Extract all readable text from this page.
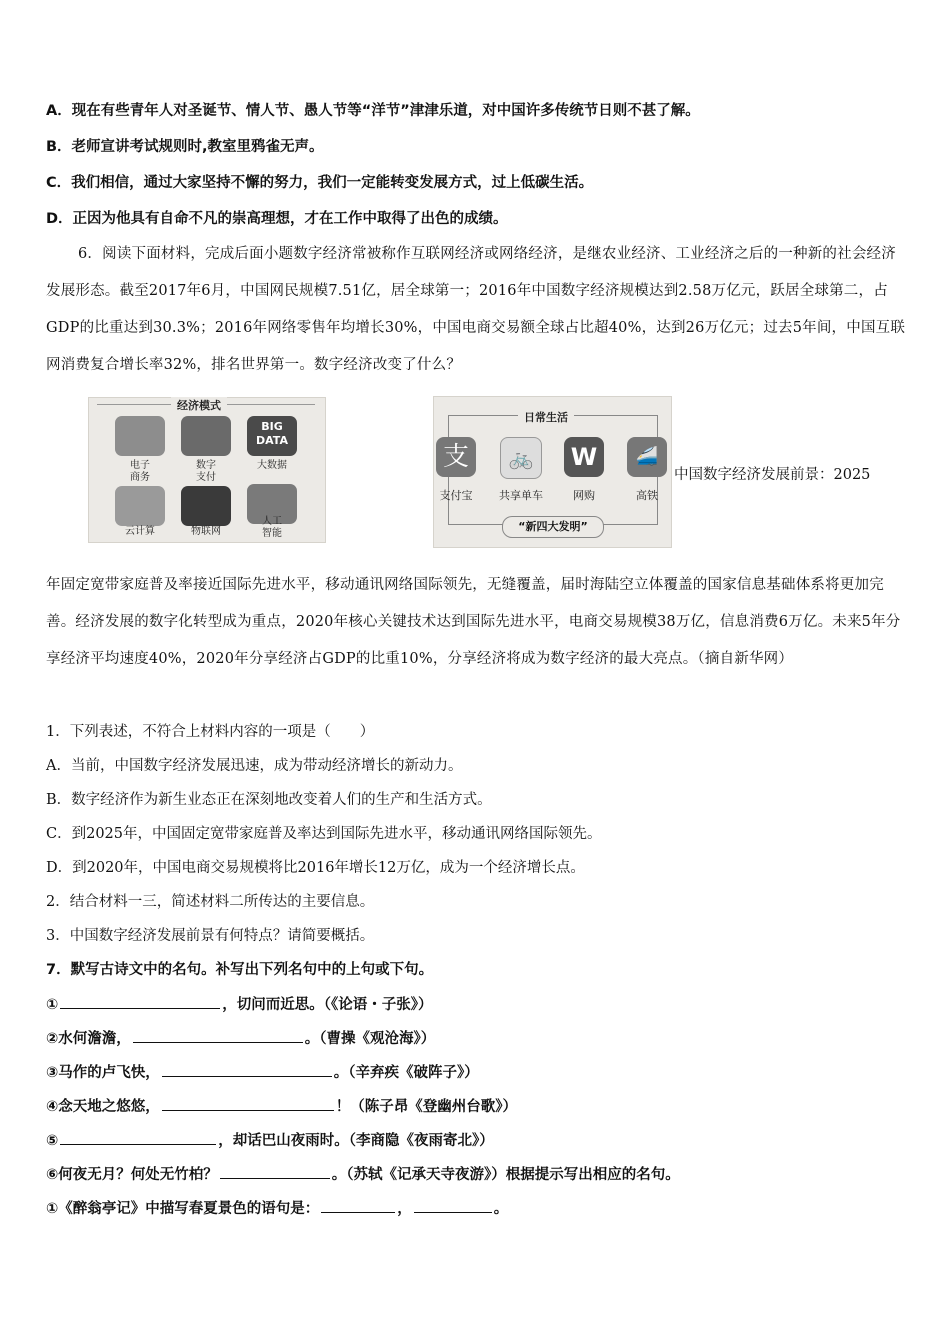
A．现在有些青年人对圣诞节、情人节、愚人节等“洋节”津津乐道，对中国许多传统节日则不甚了解。
B．老师宣讲考试规则时,教室里鸦雀无声。
C．我们相信，通过大家坚持不懈的努力，我们一定能转变发展方式，过上低碳生活。
D．正因为他具有自命不凡的崇高理想，才在工作中取得了出色的成绩。
6．阅读下面材料，完成后面小题数字经济常被称作互联网经济或网络经济，是继农业经济、工业经济之后的一种新的社会经济发展形态。截至2017年6月，中国网民规模7.51亿，居全球第一；2016年中国数字经济规模达到2.58万亿元，跃居全球第二，占GDP的比重达到30.3%；2016年网络零售年均增长30%，中国电商交易额全球占比超40%，达到26万亿元；过去5年间，中国互联网消费复合增长率32%，排名世界第一。数字经济改变了什么？
经济模式
电子
商务
数字
支付
BIG DATA
大数据
云计算	物联网
人工
智能
日常生活
支
支付宝
🚲
共享单车
W
网购
🚄
高铁
“新四大发明”
中国数字经济发展前景：2025
年固定宽带家庭普及率接近国际先进水平，移动通讯网络国际领先，无缝覆盖，届时海陆空立体覆盖的国家信息基础体系将更加完善。经济发展的数字化转型成为重点，2020年核心关键技术达到国际先进水平，电商交易规模38万亿，信息消费6万亿。未来5年分享经济平均速度40%，2020年分享经济占GDP的比重10%，分享经济将成为数字经济的最大亮点。（摘自新华网）
1．下列表述，不符合上材料内容的一项是（　　）
A．当前，中国数字经济发展迅速，成为带动经济增长的新动力。
B．数字经济作为新生业态正在深刻地改变着人们的生产和生活方式。
C．到2025年，中国固定宽带家庭普及率达到国际先进水平，移动通讯网络国际领先。
D．到2020年，中国电商交易规模将比2016年增长12万亿，成为一个经济增长点。
2．结合材料一三，简述材料二所传达的主要信息。
3．中国数字经济发展前景有何特点？请简要概括。
7．默写古诗文中的名句。补写出下列名句中的上句或下句。
①	，切问而近思。（《论语・子张》）
②水何澹澹，	。（曹操《观沧海》）
③马作的卢飞快，	。（辛弃疾《破阵子》）
④念天地之悠悠，	！（陈子昂《登幽州台歌》）
⑤	，却话巴山夜雨时。（李商隐《夜雨寄北》）
⑥何夜无月？何处无竹柏？	。（苏轼《记承天寺夜游》）根据提示写出相应的名句。
①《醉翁亭记》中描写春夏景色的语句是：	，	。
